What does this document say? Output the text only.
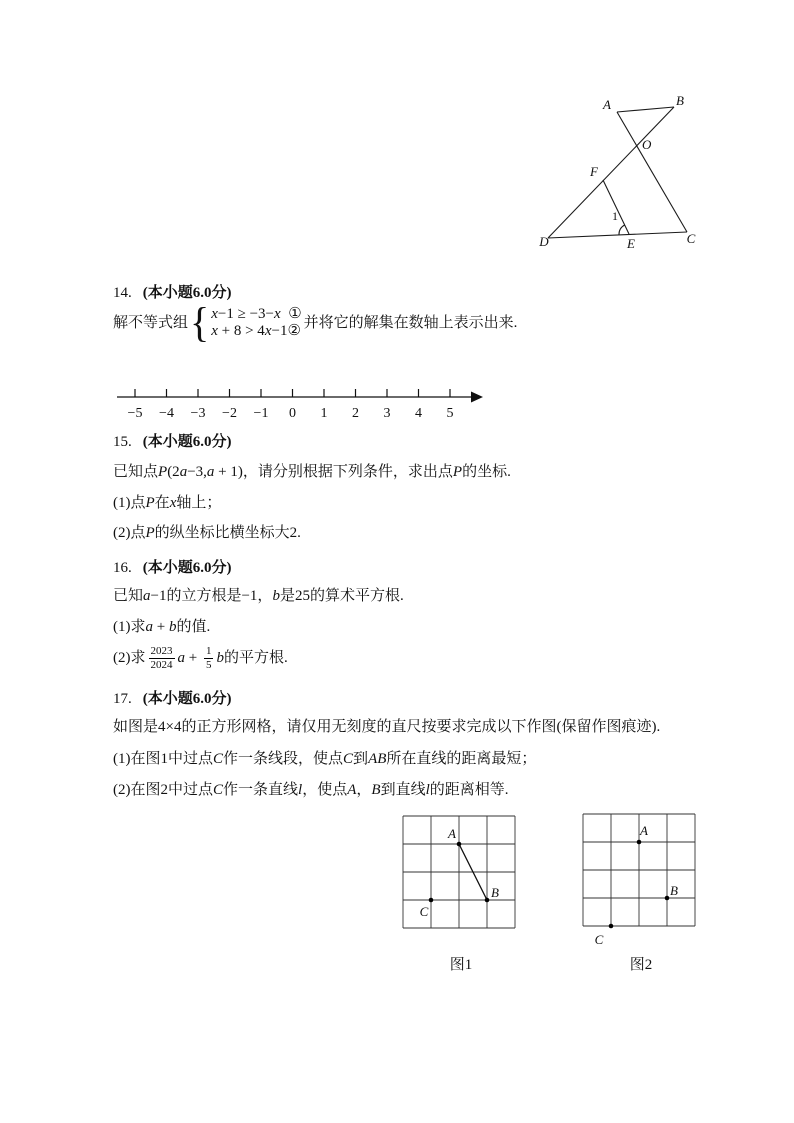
A	B
O
F
D	E	C
1
14. (本小题6.0分)
解不等式组 { x−1 ≥ −3−x  ①
x + 8 > 4x−1②
并将它的解集在数轴上表示出来.
−5 −4 −3 −2 −1 0 1 2 3 4 5
15. (本小题6.0分)
已知点P(2a−3,a + 1)，请分别根据下列条件，求出点P的坐标.
(1)点P在x轴上；
(2)点P的纵坐标比横坐标大2.
16. (本小题6.0分)
已知a−1的立方根是−1，b是25的算术平方根.
(1)求a + b的值.
(2)求 $\frac{2023}{2024}$ $a + \frac{1}{5}$ b的平方根.
17. (本小题6.0分)
如图是4×4的正方形网格，请仅用无刻度的直尺按要求完成以下作图(保留作图痕迹).
(1)在图1中过点C作一条线段，使点C到AB所在直线的距离最短；
(2)在图2中过点C作一条直线l，使点A，B到直线l的距离相等.
A
B
C
A
B
C
图1	图2
